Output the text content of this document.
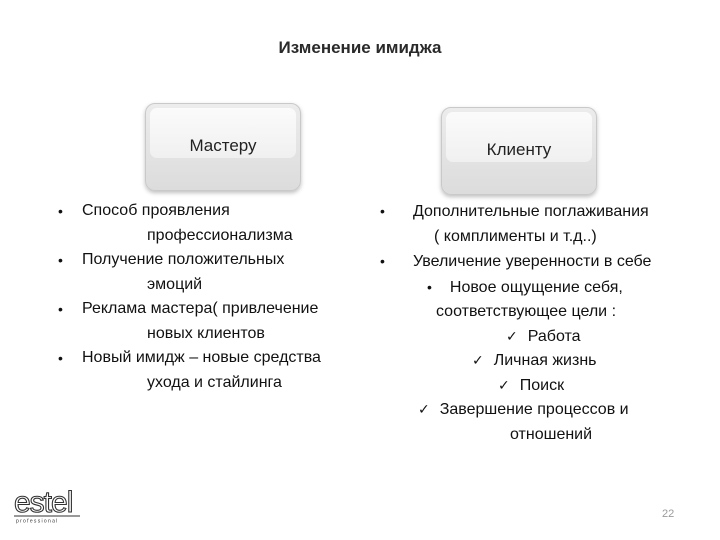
Изменение имиджа
Мастеру	Клиенту
• Способ проявления
профессионализма
• Получение положительных
эмоций
• Реклама мастера( привлечение
новых клиентов
• Новый имидж – новые средства
ухода и стайлинга
• Дополнительные поглаживания
( комплименты и т.д..)
• Увеличение уверенности в себе
• Новое ощущение себя,
соответствующее цели :
✓ Работа
✓ Личная жизнь
✓ Поиск
✓ Завершение процессов и
отношений
estel
professional
22
